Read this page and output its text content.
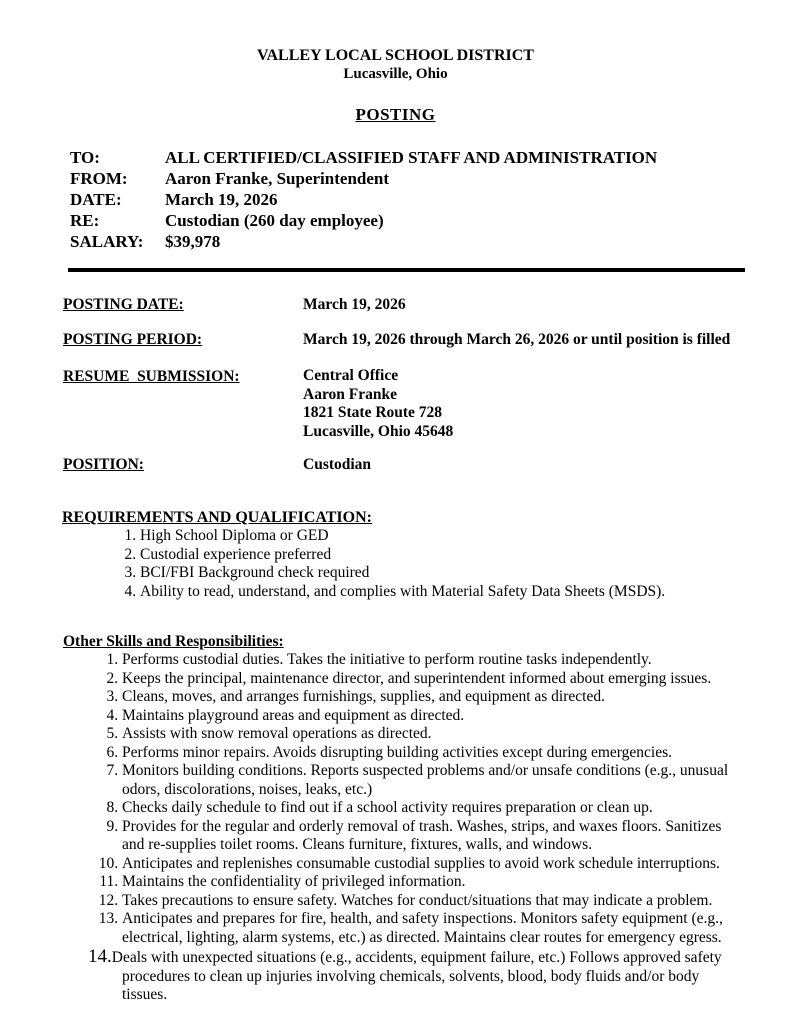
VALLEY LOCAL SCHOOL DISTRICT
Lucasville, Ohio
POSTING
TO:	ALL CERTIFIED/CLASSIFIED STAFF AND ADMINISTRATION
FROM:	Aaron Franke, Superintendent
DATE:	March 19, 2026
RE:	Custodian (260 day employee)
SALARY:	$39,978
POSTING DATE:	March 19, 2026
POSTING PERIOD:	March 19, 2026 through March 26, 2026 or until position is filled
RESUME  SUBMISSION:	Central Office
Aaron Franke
1821 State Route 728
Lucasville, Ohio 45648
POSITION:	Custodian
REQUIREMENTS AND QUALIFICATION:
1. High School Diploma or GED
2. Custodial experience preferred
3. BCI/FBI Background check required
4. Ability to read, understand, and complies with Material Safety Data Sheets (MSDS).
Other Skills and Responsibilities:
1. Performs custodial duties. Takes the initiative to perform routine tasks independently.
2. Keeps the principal, maintenance director, and superintendent informed about emerging issues.
3. Cleans, moves, and arranges furnishings, supplies, and equipment as directed.
4. Maintains playground areas and equipment as directed.
5. Assists with snow removal operations as directed.
6. Performs minor repairs. Avoids disrupting building activities except during emergencies.
7. Monitors building conditions. Reports suspected problems and/or unsafe conditions (e.g., unusual odors, discolorations, noises, leaks, etc.)
8. Checks daily schedule to find out if a school activity requires preparation or clean up.
9. Provides for the regular and orderly removal of trash. Washes, strips, and waxes floors. Sanitizes and re-supplies toilet rooms. Cleans furniture, fixtures, walls, and windows.
10. Anticipates and replenishes consumable custodial supplies to avoid work schedule interruptions.
11. Maintains the confidentiality of privileged information.
12. Takes precautions to ensure safety. Watches for conduct/situations that may indicate a problem.
13. Anticipates and prepares for fire, health, and safety inspections. Monitors safety equipment (e.g., electrical, lighting, alarm systems, etc.) as directed. Maintains clear routes for emergency egress.
14.Deals with unexpected situations (e.g., accidents, equipment failure, etc.) Follows approved safety procedures to clean up injuries involving chemicals, solvents, blood, body fluids and/or body tissues.
